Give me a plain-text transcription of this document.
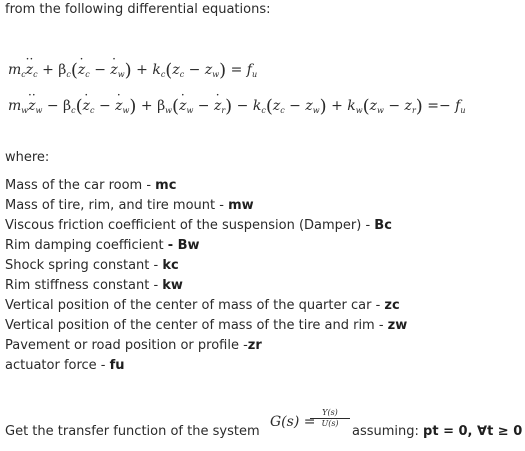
from the following differential equations:
$m_c\cdot\cdot z_c + \beta_c(\cdot z_c$ − · $z_w) + k_c(z_c - z_w) = f_u$
$m_w\cdot\cdot z_w - \beta_c(\cdot z_c$ − · $z_w) + \beta_w(\cdot z_w$ − · $z_r) - k_c(z_c - z_w) + k_w(z_w - z_r) =- f_u$
where:
Mass of the car room - mc
Mass of tire, rim, and tire mount - mw
Viscous friction coefficient of the suspension (Damper) - Bc
Rim damping coefficient - Bw
Shock spring constant - kc
Rim stiffness constant - kw
Vertical position of the center of mass of the quarter car - zc
Vertical position of the center of mass of the tire and rim - zw
Pavement or road position or profile -zr
actuator force - fu
Get the transfer function of the system
G(s) =
$\frac{Y(s)}{U(s)}$
assuming: pt = 0, ∀t ≥ 0
